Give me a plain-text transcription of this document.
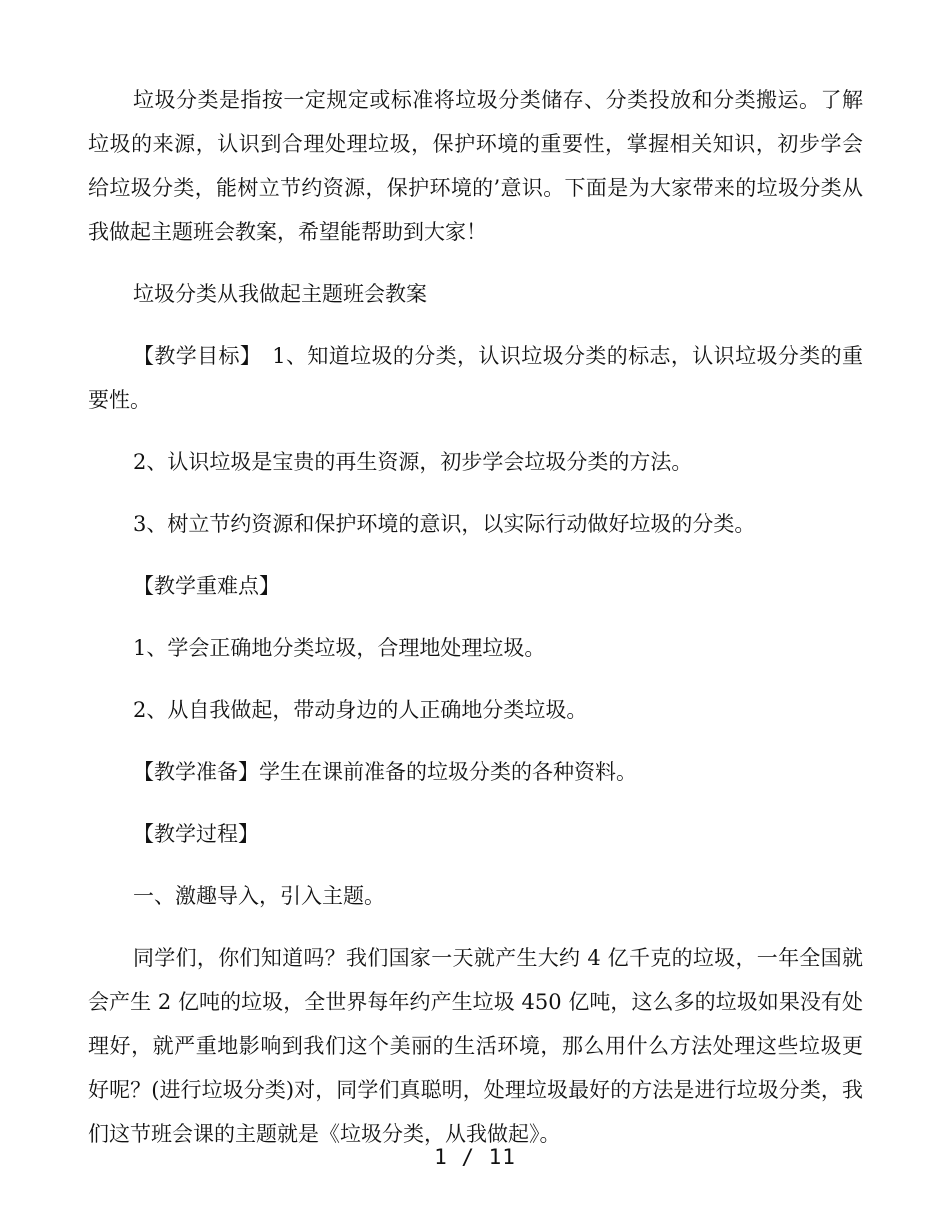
垃圾分类是指按一定规定或标准将垃圾分类储存、分类投放和分类搬运。了解垃圾的来源，认识到合理处理垃圾，保护环境的重要性，掌握相关知识，初步学会给垃圾分类，能树立节约资源，保护环境的’意识。下面是为大家带来的垃圾分类从我做起主题班会教案，希望能帮助到大家！

垃圾分类从我做起主题班会教案

【教学目标】　1、知道垃圾的分类，认识垃圾分类的标志，认识垃圾分类的重要性。

2、认识垃圾是宝贵的再生资源，初步学会垃圾分类的方法。

3、树立节约资源和保护环境的意识，以实际行动做好垃圾的分类。

【教学重难点】

1、学会正确地分类垃圾，合理地处理垃圾。

2、从自我做起，带动身边的人正确地分类垃圾。

【教学准备】学生在课前准备的垃圾分类的各种资料。

【教学过程】

一、激趣导入，引入主题。

同学们，你们知道吗？我们国家一天就产生大约 4 亿千克的垃圾，一年全国就会产生 2 亿吨的垃圾，全世界每年约产生垃圾 450 亿吨，这么多的垃圾如果没有处理好，就严重地影响到我们这个美丽的生活环境，那么用什么方法处理这些垃圾更好呢？(进行垃圾分类)对，同学们真聪明，处理垃圾最好的方法是进行垃圾分类，我们这节班会课的主题就是《垃圾分类，从我做起》。

1 / 11
